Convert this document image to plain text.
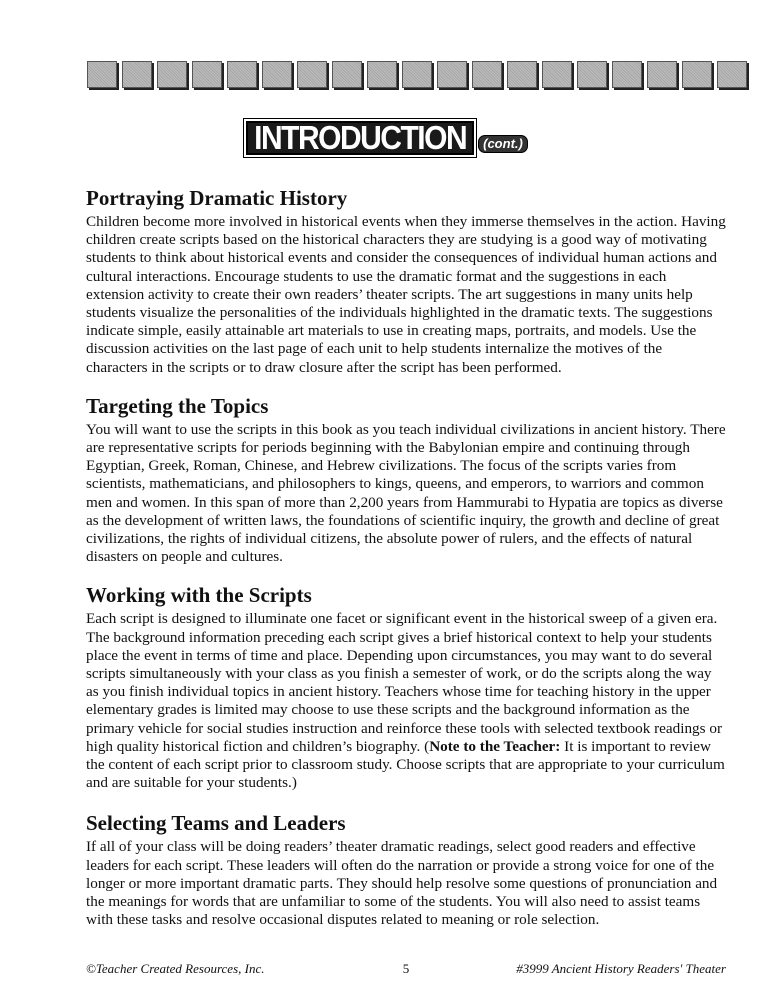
INTRODUCTION	(cont.)
Portraying Dramatic History

Children become more involved in historical events when they immerse themselves in the action. Having children create scripts based on the historical characters they are studying is a good way of motivating students to think about historical events and consider the consequences of individual human actions and cultural interactions. Encourage students to use the dramatic format and the suggestions in each extension activity to create their own readers’ theater scripts. The art suggestions in many units help students visualize the personalities of the individuals highlighted in the dramatic texts. The suggestions indicate simple, easily attainable art materials to use in creating maps, portraits, and models. Use the discussion activities on the last page of each unit to help students internalize the motives of the characters in the scripts or to draw closure after the script has been performed.

Targeting the Topics

You will want to use the scripts in this book as you teach individual civilizations in ancient history. There are representative scripts for periods beginning with the Babylonian empire and continuing through Egyptian, Greek, Roman, Chinese, and Hebrew civilizations. The focus of the scripts varies from scientists, mathematicians, and philosophers to kings, queens, and emperors, to warriors and common men and women. In this span of more than 2,200 years from Hammurabi to Hypatia are topics as diverse as the development of written laws, the foundations of scientific inquiry, the growth and decline of great civilizations, the rights of individual citizens, the absolute power of rulers, and the effects of natural disasters on people and cultures.

Working with the Scripts

Each script is designed to illuminate one facet or significant event in the historical sweep of a given era. The background information preceding each script gives a brief historical context to help your students place the event in terms of time and place. Depending upon circumstances, you may want to do several scripts simultaneously with your class as you finish a semester of work, or do the scripts along the way as you finish individual topics in ancient history. Teachers whose time for teaching history in the upper elementary grades is limited may choose to use these scripts and the background information as the primary vehicle for social studies instruction and reinforce these tools with selected textbook readings or high quality historical fiction and children’s biography. (Note to the Teacher: It is important to review the content of each script prior to classroom study. Choose scripts that are appropriate to your curriculum and are suitable for your students.)

Selecting Teams and Leaders

If all of your class will be doing readers’ theater dramatic readings, select good readers and effective leaders for each script. These leaders will often do the narration or provide a strong voice for one of the longer or more important dramatic parts. They should help resolve some questions of pronunciation and the meanings for words that are unfamiliar to some of the students. You will also need to assist teams with these tasks and resolve occasional disputes related to meaning or role selection.

©Teacher Created Resources, Inc.	5	#3999 Ancient History Readers' Theater
